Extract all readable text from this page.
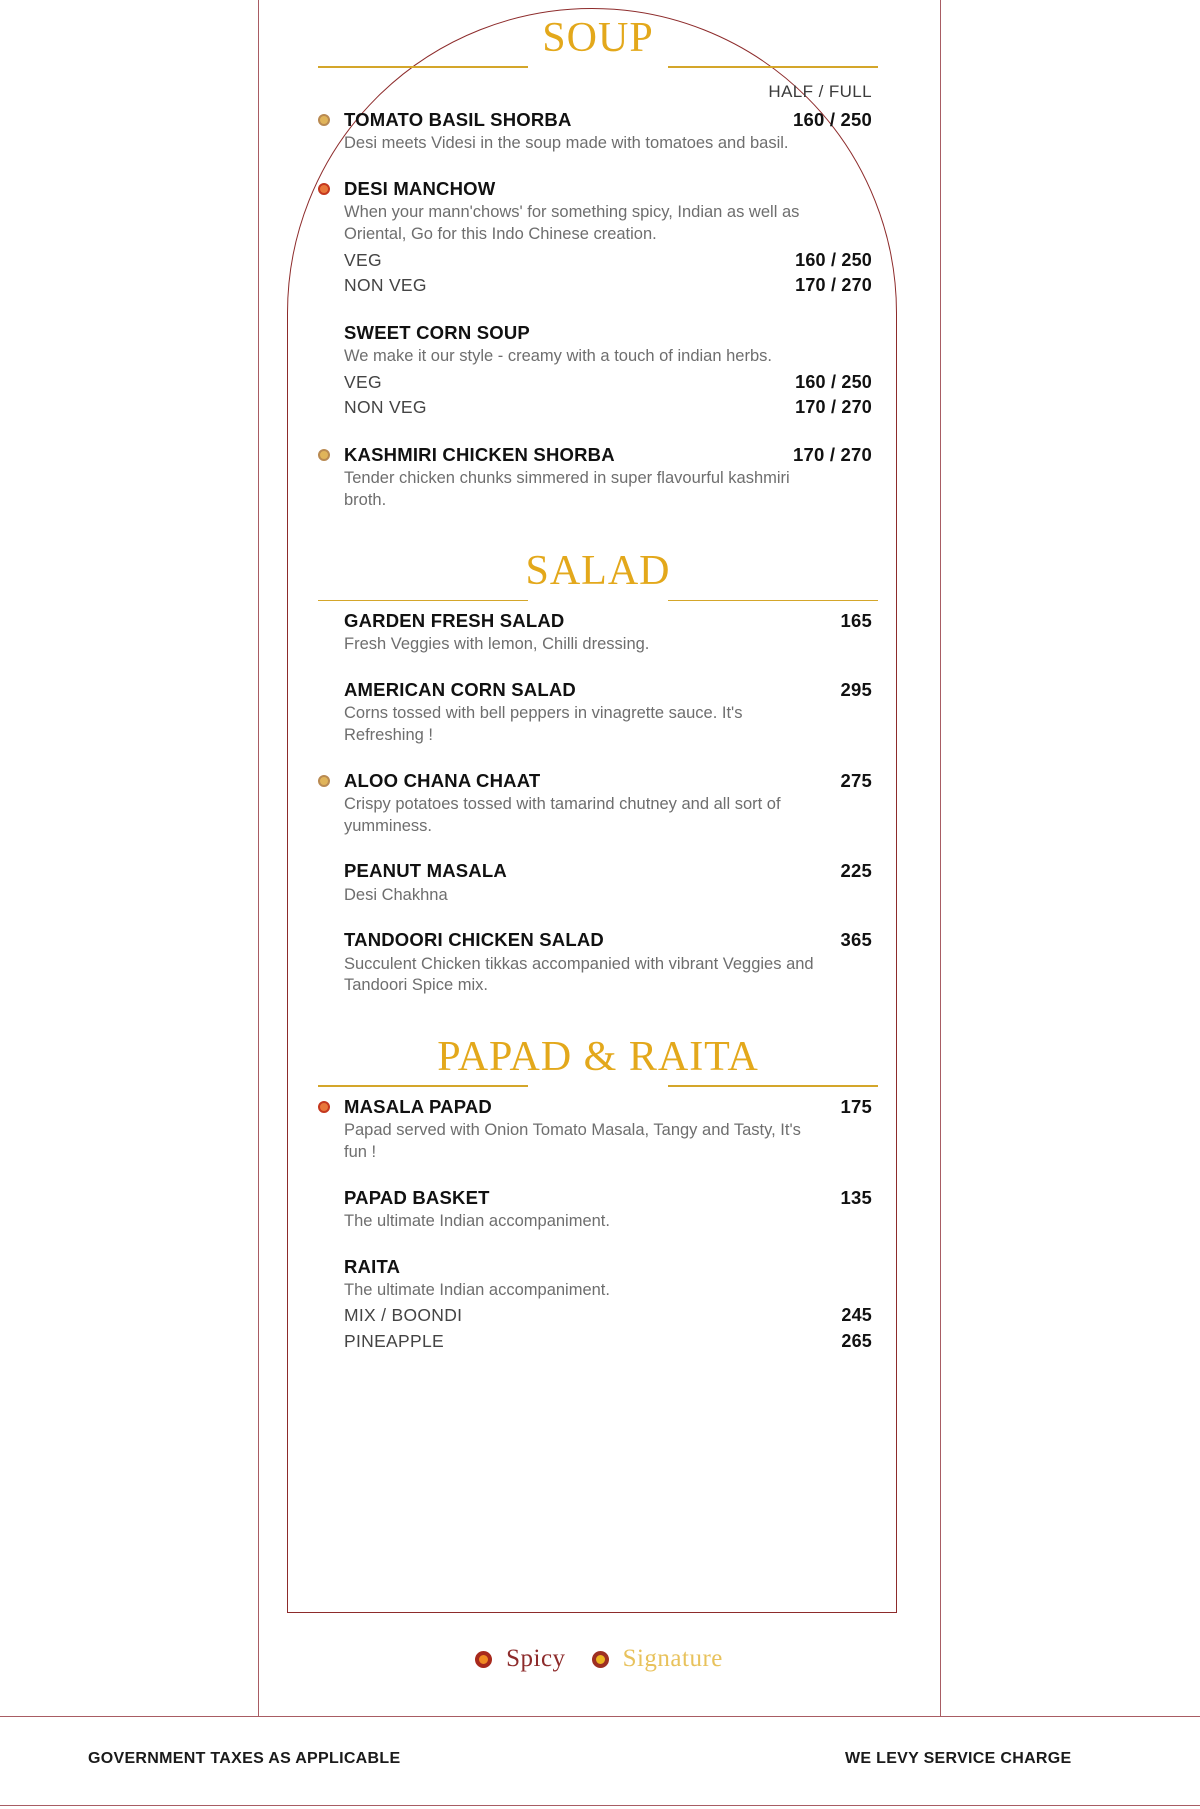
SOUP
HALF / FULL
TOMATO BASIL SHORBA	160 / 250
Desi meets Videsi in the soup made with tomatoes and basil.
DESI MANCHOW
When your mann'chows' for something spicy, Indian as well as Oriental, Go for this Indo Chinese creation.
VEG	160 / 250
NON VEG	170 / 270
SWEET CORN SOUP
We make it our style - creamy with a touch of indian herbs.
VEG	160 / 250
NON VEG	170 / 270
KASHMIRI CHICKEN SHORBA	170 / 270
Tender chicken chunks simmered in super flavourful kashmiri broth.
SALAD
GARDEN FRESH SALAD	165
Fresh Veggies with lemon, Chilli dressing.
AMERICAN CORN SALAD	295
Corns tossed with bell peppers in vinagrette sauce. It's Refreshing !
ALOO CHANA CHAAT	275
Crispy potatoes tossed with tamarind chutney and all sort of yumminess.
PEANUT MASALA	225
Desi Chakhna
TANDOORI CHICKEN SALAD	365
Succulent Chicken tikkas accompanied with vibrant Veggies and Tandoori Spice mix.
PAPAD & RAITA
MASALA PAPAD	175
Papad served with Onion Tomato Masala, Tangy and Tasty, It's fun !
PAPAD BASKET	135
The ultimate Indian accompaniment.
RAITA
The ultimate Indian accompaniment.
MIX / BOONDI	245
PINEAPPLE	265
Spicy Signature
GOVERNMENT TAXES AS APPLICABLE	WE LEVY SERVICE CHARGE
